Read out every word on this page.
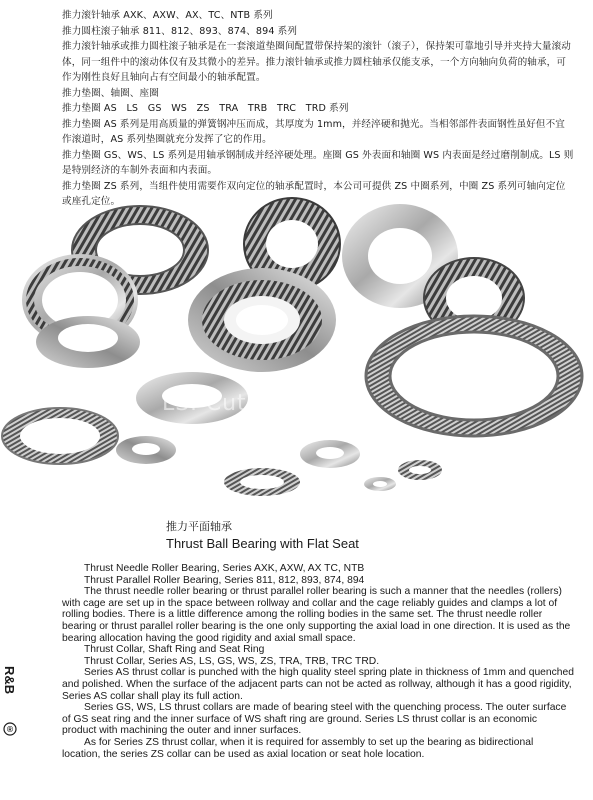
推力滚针轴承 AXK、AXW、AX、TC、NTB 系列

推力圆柱滚子轴承 811、812、893、874、894 系列

推力滚针轴承或推力圆柱滚子轴承是在一套滚道垫圈间配置带保持架的滚针（滚子），保持架可靠地引导并夹持大量滚动体，同一组件中的滚动体仅有及其微小的差异。推力滚针轴承或推力圆柱轴承仅能支承，一个方向轴向负荷的轴承，可作为刚性良好且轴向占有空间最小的轴承配置。

推力垫圈、轴圈、座圈

推力垫圈 AS　LS　GS　WS　ZS　TRA　TRB　TRC　TRD 系列

推力垫圈 AS 系列是用高质量的弹簧钢冲压而成，其厚度为 1mm，并经淬硬和抛光。当相邻部件表面钢性虽好但不宜作滚道时，AS 系列垫圈就充分发挥了它的作用。

推力垫圈 GS、WS、LS 系列是用轴承钢制成并经淬硬处理。座圈 GS 外表面和轴圈 WS 内表面是经过磨削制成。LS 则是特别经济的车制外表面和内表面。

推力垫圈 ZS 系列，当组件使用需要作双向定位的轴承配置时，本公司可提供 ZS 中圈系列，中圈 ZS 系列可轴向定位或座孔定位。

LSI Cut Bearing
推力平面轴承
Thrust Ball Bearing with Flat Seat

Thrust Needle Roller Bearing, Series AXK, AXW, AX TC, NTB

Thrust Parallel Roller Bearing, Series 811, 812, 893, 874, 894

The thrust needle roller bearing or thrust parallel roller bearing is such a manner that the needles (rollers) with cage are set up in the space between rollway and collar and the cage reliably guides and clamps a lot of rolling bodies. There is a little difference among the rolling bodies in the same set. The thrust needle roller bearing or thrust parallel roller bearing is the one only supporting the axial load in one direction. It is used as the bearing allocation having the good rigidity and axial small space.

Thrust Collar, Shaft Ring and Seat Ring

Thrust Collar, Series AS, LS, GS, WS, ZS, TRA, TRB, TRC TRD.

Series AS thrust collar is punched with the high quality steel spring plate in thickness of 1mm and quenched and polished. When the surface of the adjacent parts can not be acted as rollway, although it has a good rigidity, Series AS collar shall play its full action.

Series GS, WS, LS thrust collars are made of bearing steel with the quenching process. The outer surface of GS seat ring and the inner surface of WS shaft ring are ground. Series LS thrust collar is an economic product with machining the outer and inner surfaces.

As for Series ZS thrust collar, when it is required for assembly to set up the bearing as bidirectional location, the series ZS collar can be used as axial location or seat hole location.

R&B
®
